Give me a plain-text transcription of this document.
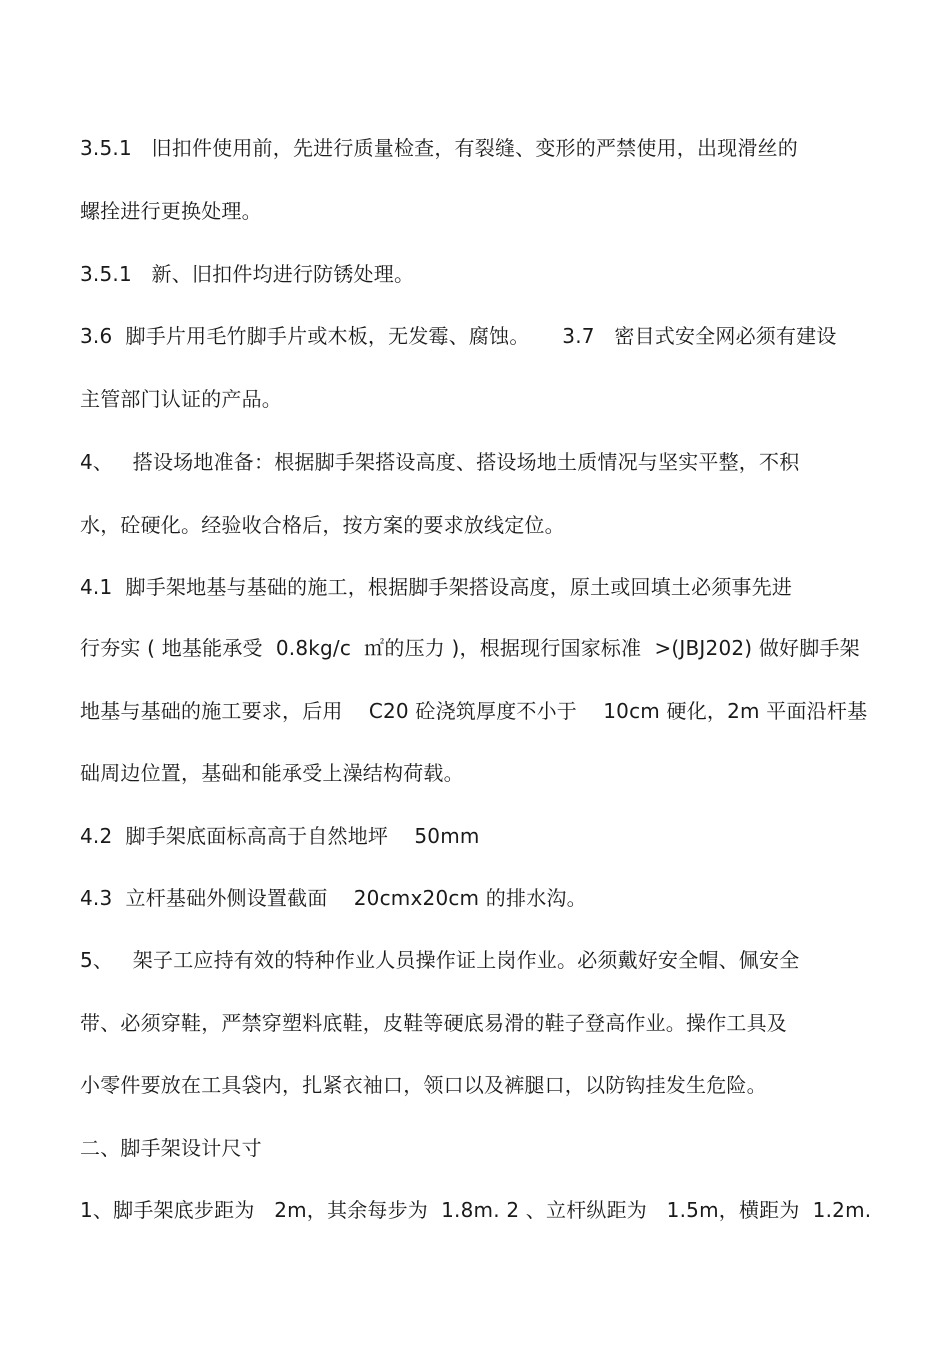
3.5.1   旧扣件使用前，先进行质量检查，有裂缝、变形的严禁使用，出现滑丝的
螺拴进行更换处理。
3.5.1   新、旧扣件均进行防锈处理。
3.6  脚手片用毛竹脚手片或木板，无发霉、腐蚀。     3.7   密目式安全网必须有建设
主管部门认证的产品。
4、   搭设场地准备：根据脚手架搭设高度、搭设场地土质情况与坚实平整，不积
水，砼硬化。经验收合格后，按方案的要求放线定位。
4.1  脚手架地基与基础的施工，根据脚手架搭设高度，原土或回填土必须事先进
行夯实 ( 地基能承受  0.8kg/c  ㎡的压力 )，根据现行国家标准  >(JBJ202) 做好脚手架
地基与基础的施工要求，后用    C20 砼浇筑厚度不小于    10cm 硬化，2m 平面沿杆基
础周边位置，基础和能承受上澡结构荷载。
4.2  脚手架底面标高高于自然地坪    50mm
4.3  立杆基础外侧设置截面    20cmx20cm 的排水沟。
5、   架子工应持有效的特种作业人员操作证上岗作业。必须戴好安全帽、佩安全
带、必须穿鞋，严禁穿塑料底鞋，皮鞋等硬底易滑的鞋子登高作业。操作工具及
小零件要放在工具袋内，扎紧衣袖口，领口以及裤腿口，以防钩挂发生危险。
二、脚手架设计尺寸
1、脚手架底步距为   2m，其余每步为  1.8m. 2 、立杆纵距为   1.5m，横距为  1.2m.
